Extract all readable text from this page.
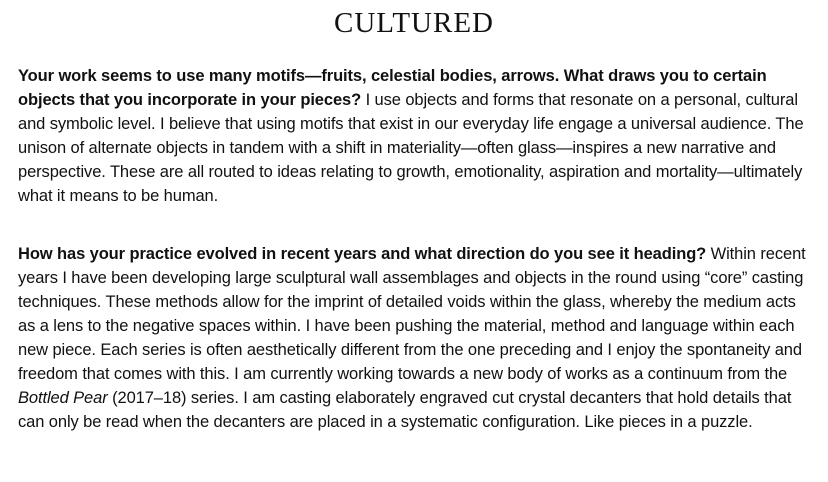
CULTURED

Your work seems to use many motifs—fruits, celestial bodies, arrows. What draws you to certain objects that you incorporate in your pieces? I use objects and forms that resonate on a personal, cultural and symbolic level. I believe that using motifs that exist in our everyday life engage a universal audience. The unison of alternate objects in tandem with a shift in materiality—often glass—inspires a new narrative and perspective. These are all routed to ideas relating to growth, emotionality, aspiration and mortality—ultimately what it means to be human.

How has your practice evolved in recent years and what direction do you see it heading? Within recent years I have been developing large sculptural wall assemblages and objects in the round using “core” casting techniques. These methods allow for the imprint of detailed voids within the glass, whereby the medium acts as a lens to the negative spaces within. I have been pushing the material, method and language within each new piece. Each series is often aesthetically different from the one preceding and I enjoy the spontaneity and freedom that comes with this. I am currently working towards a new body of works as a continuum from the Bottled Pear (2017–18) series. I am casting elaborately engraved cut crystal decanters that hold details that can only be read when the decanters are placed in a systematic configuration. Like pieces in a puzzle.
